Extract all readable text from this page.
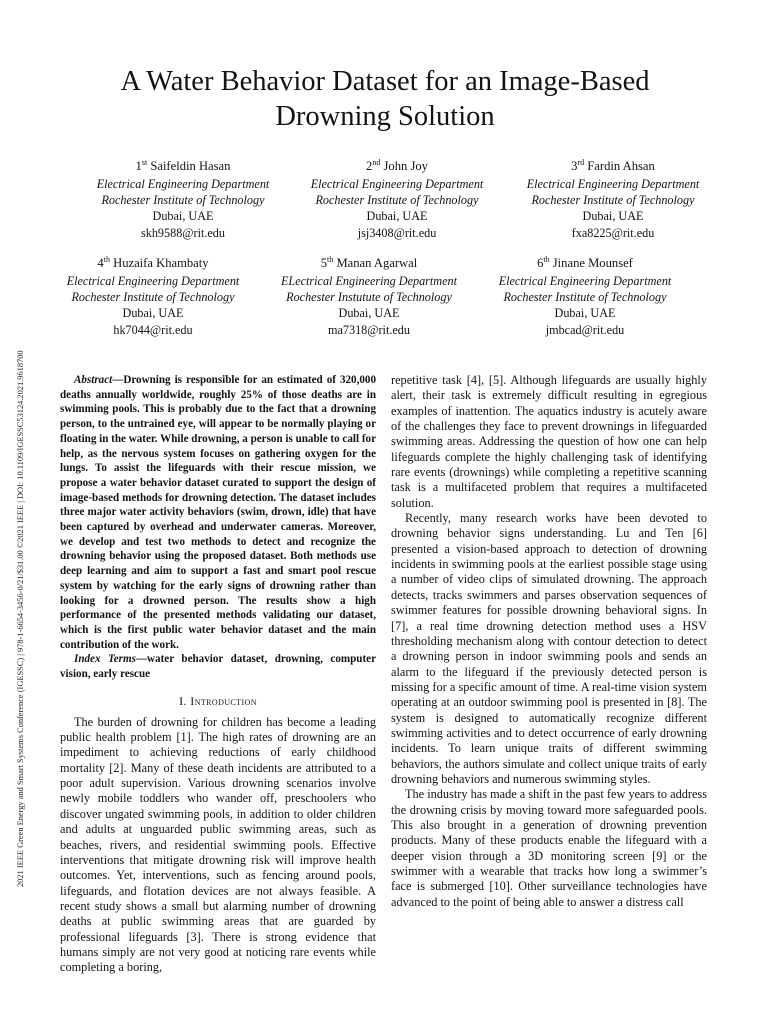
2021 IEEE Green Energy and Smart Systems Conference (IGESSC) | 978-1-6654-3456-0/21/$31.00 ©2021 IEEE | DOI: 10.1109/IGESSC53124.2021.9618700
A Water Behavior Dataset for an Image-Based Drowning Solution
1st Saifeldin Hasan
Electrical Engineering Department
Rochester Institute of Technology
Dubai, UAE
skh9588@rit.edu
2nd John Joy
Electrical Engineering Department
Rochester Institute of Technology
Dubai, UAE
jsj3408@rit.edu
3rd Fardin Ahsan
Electrical Engineering Department
Rochester Institute of Technology
Dubai, UAE
fxa8225@rit.edu
4th Huzaifa Khambaty
Electrical Engineering Department
Rochester Institute of Technology
Dubai, UAE
hk7044@rit.edu
5th Manan Agarwal
ELectrical Engineering Department
Rochester Instutute of Technology
Dubai, UAE
ma7318@rit.edu
6th Jinane Mounsef
Electrical Engineering Department
Rochester Institute of Technology
Dubai, UAE
jmbcad@rit.edu

Abstract—Drowning is responsible for an estimated of 320,000 deaths annually worldwide, roughly 25% of those deaths are in swimming pools. This is probably due to the fact that a drowning person, to the untrained eye, will appear to be normally playing or floating in the water. While drowning, a person is unable to call for help, as the nervous system focuses on gathering oxygen for the lungs. To assist the lifeguards with their rescue mission, we propose a water behavior dataset curated to support the design of image-based methods for drowning detection. The dataset includes three major water activity behaviors (swim, drown, idle) that have been captured by overhead and underwater cameras. Moreover, we develop and test two methods to detect and recognize the drowning behavior using the proposed dataset. Both methods use deep learning and aim to support a fast and smart pool rescue system by watching for the early signs of drowning rather than looking for a drowned person. The results show a high performance of the presented methods validating our dataset, which is the first public water behavior dataset and the main contribution of the work.

Index Terms—water behavior dataset, drowning, computer vision, early rescue

I. Introduction

The burden of drowning for children has become a leading public health problem [1]. The high rates of drowning are an impediment to achieving reductions of early childhood mortality [2]. Many of these death incidents are attributed to a poor adult supervision. Various drowning scenarios involve newly mobile toddlers who wander off, preschoolers who discover ungated swimming pools, in addition to older children and adults at unguarded public swimming areas, such as beaches, rivers, and residential swimming pools. Effective interventions that mitigate drowning risk will improve health outcomes. Yet, interventions, such as fencing around pools, lifeguards, and flotation devices are not always feasible. A recent study shows a small but alarming number of drowning deaths at public swimming areas that are guarded by professional lifeguards [3]. There is strong evidence that humans simply are not very good at noticing rare events while completing a boring,

repetitive task [4], [5]. Although lifeguards are usually highly alert, their task is extremely difficult resulting in egregious examples of inattention. The aquatics industry is acutely aware of the challenges they face to prevent drownings in lifeguarded swimming areas. Addressing the question of how one can help lifeguards complete the highly challenging task of identifying rare events (drownings) while completing a repetitive scanning task is a multifaceted problem that requires a multifaceted solution.

Recently, many research works have been devoted to drowning behavior signs understanding. Lu and Ten [6] presented a vision-based approach to detection of drowning incidents in swimming pools at the earliest possible stage using a number of video clips of simulated drowning. The approach detects, tracks swimmers and parses observation sequences of swimmer features for possible drowning behavioral signs. In [7], a real time drowning detection method uses a HSV thresholding mechanism along with contour detection to detect a drowning person in indoor swimming pools and sends an alarm to the lifeguard if the previously detected person is missing for a specific amount of time. A real-time vision system operating at an outdoor swimming pool is presented in [8]. The system is designed to automatically recognize different swimming activities and to detect occurrence of early drowning incidents. To learn unique traits of different swimming behaviors, the authors simulate and collect unique traits of early drowning behaviors and numerous swimming styles.

The industry has made a shift in the past few years to address the drowning crisis by moving toward more safeguarded pools. This also brought in a generation of drowning prevention products. Many of these products enable the lifeguard with a deeper vision through a 3D monitoring screen [9] or the swimmer with a wearable that tracks how long a swimmer’s face is submerged [10]. Other surveillance technologies have advanced to the point of being able to answer a distress call
